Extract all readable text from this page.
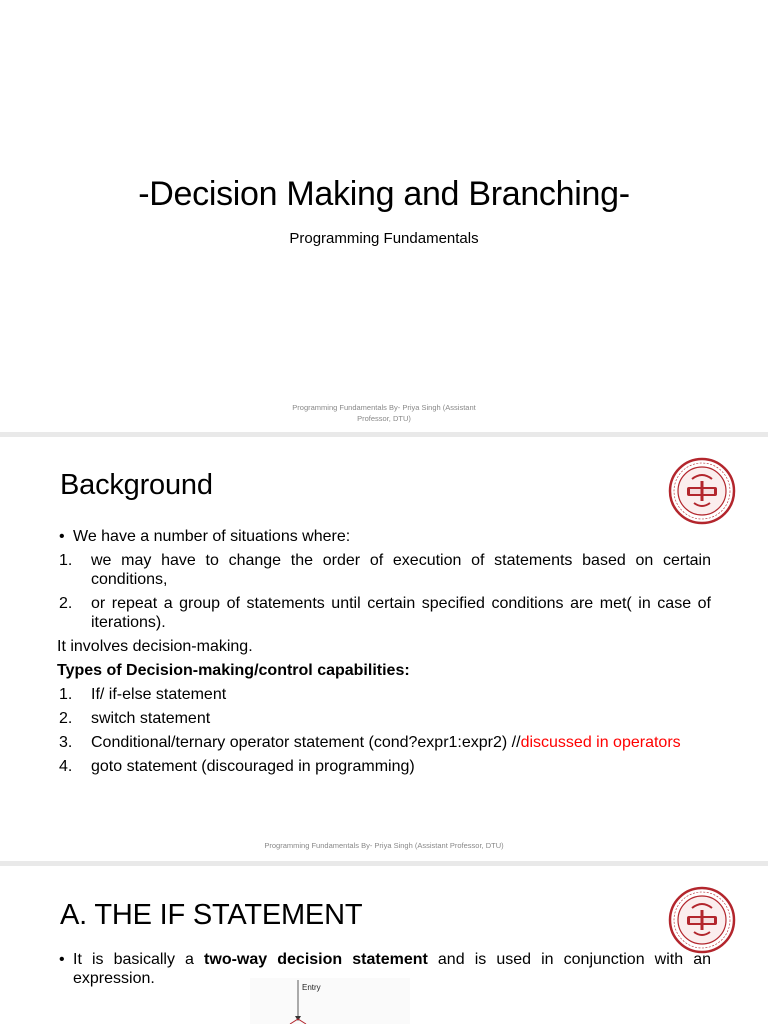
-Decision Making and Branching-
Programming Fundamentals
Programming Fundamentals By- Priya Singh (Assistant
Professor, DTU)
Background
• We have a number of situations where:
1. we may have to change the order of execution of statements based on certain conditions,
2. or repeat a group of statements until certain specified conditions are met( in case of iterations).
It involves decision-making.
Types of Decision-making/control capabilities:
1. If/ if-else statement
2. switch statement
3. Conditional/ternary operator statement (cond?expr1:expr2) //discussed in operators
4. goto statement (discouraged in programming)
Programming Fundamentals By- Priya Singh (Assistant Professor, DTU)
A. THE IF STATEMENT
• It is basically a two-way decision statement and is used in conjunction with an expression.
Entry
